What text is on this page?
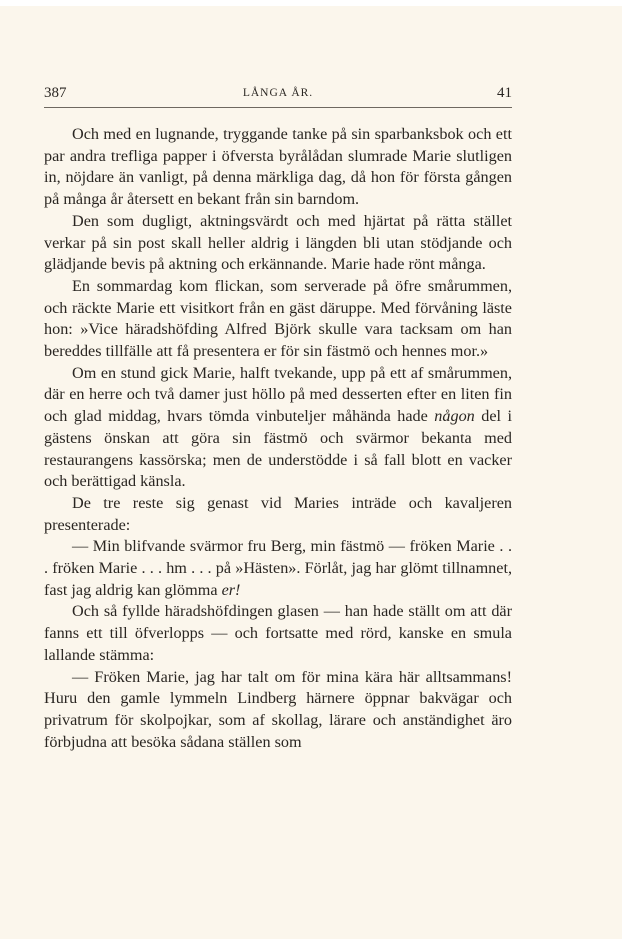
387	LÅNGA ÅR.	41

Och med en lugnande, tryggande tanke på sin sparbanksbok och ett par andra trefliga papper i öfversta byrålådan slumrade Marie slutligen in, nöjdare än vanligt, på denna märkliga dag, då hon för första gången på många år återsett en bekant från sin barndom.

Den som dugligt, aktningsvärdt och med hjärtat på rätta stället verkar på sin post skall heller aldrig i längden bli utan stödjande och glädjande bevis på aktning och erkännande. Marie hade rönt många.

En sommardag kom flickan, som serverade på öfre smårummen, och räckte Marie ett visitkort från en gäst däruppe. Med förvåning läste hon: »Vice häradshöfding Alfred Björk skulle vara tacksam om han bereddes tillfälle att få presentera er för sin fästmö och hennes mor.»

Om en stund gick Marie, halft tvekande, upp på ett af smårummen, där en herre och två damer just höllo på med desserten efter en liten fin och glad middag, hvars tömda vinbuteljer måhända hade någon del i gästens önskan att göra sin fästmö och svärmor bekanta med restaurangens kassörska; men de understödde i så fall blott en vacker och berättigad känsla.

De tre reste sig genast vid Maries inträde och kavaljeren presenterade:

— Min blifvande svärmor fru Berg, min fästmö — fröken Marie . . . fröken Marie . . . hm . . . på »Hästen». Förlåt, jag har glömt tillnamnet, fast jag aldrig kan glömma er!

Och så fyllde häradshöfdingen glasen — han hade ställt om att där fanns ett till öfverlopps — och fortsatte med rörd, kanske en smula lallande stämma:

— Fröken Marie, jag har talt om för mina kära här alltsammans! Huru den gamle lymmeln Lindberg härnere öppnar bakvägar och privatrum för skolpojkar, som af skollag, lärare och anständighet äro förbjudna att besöka sådana ställen som
